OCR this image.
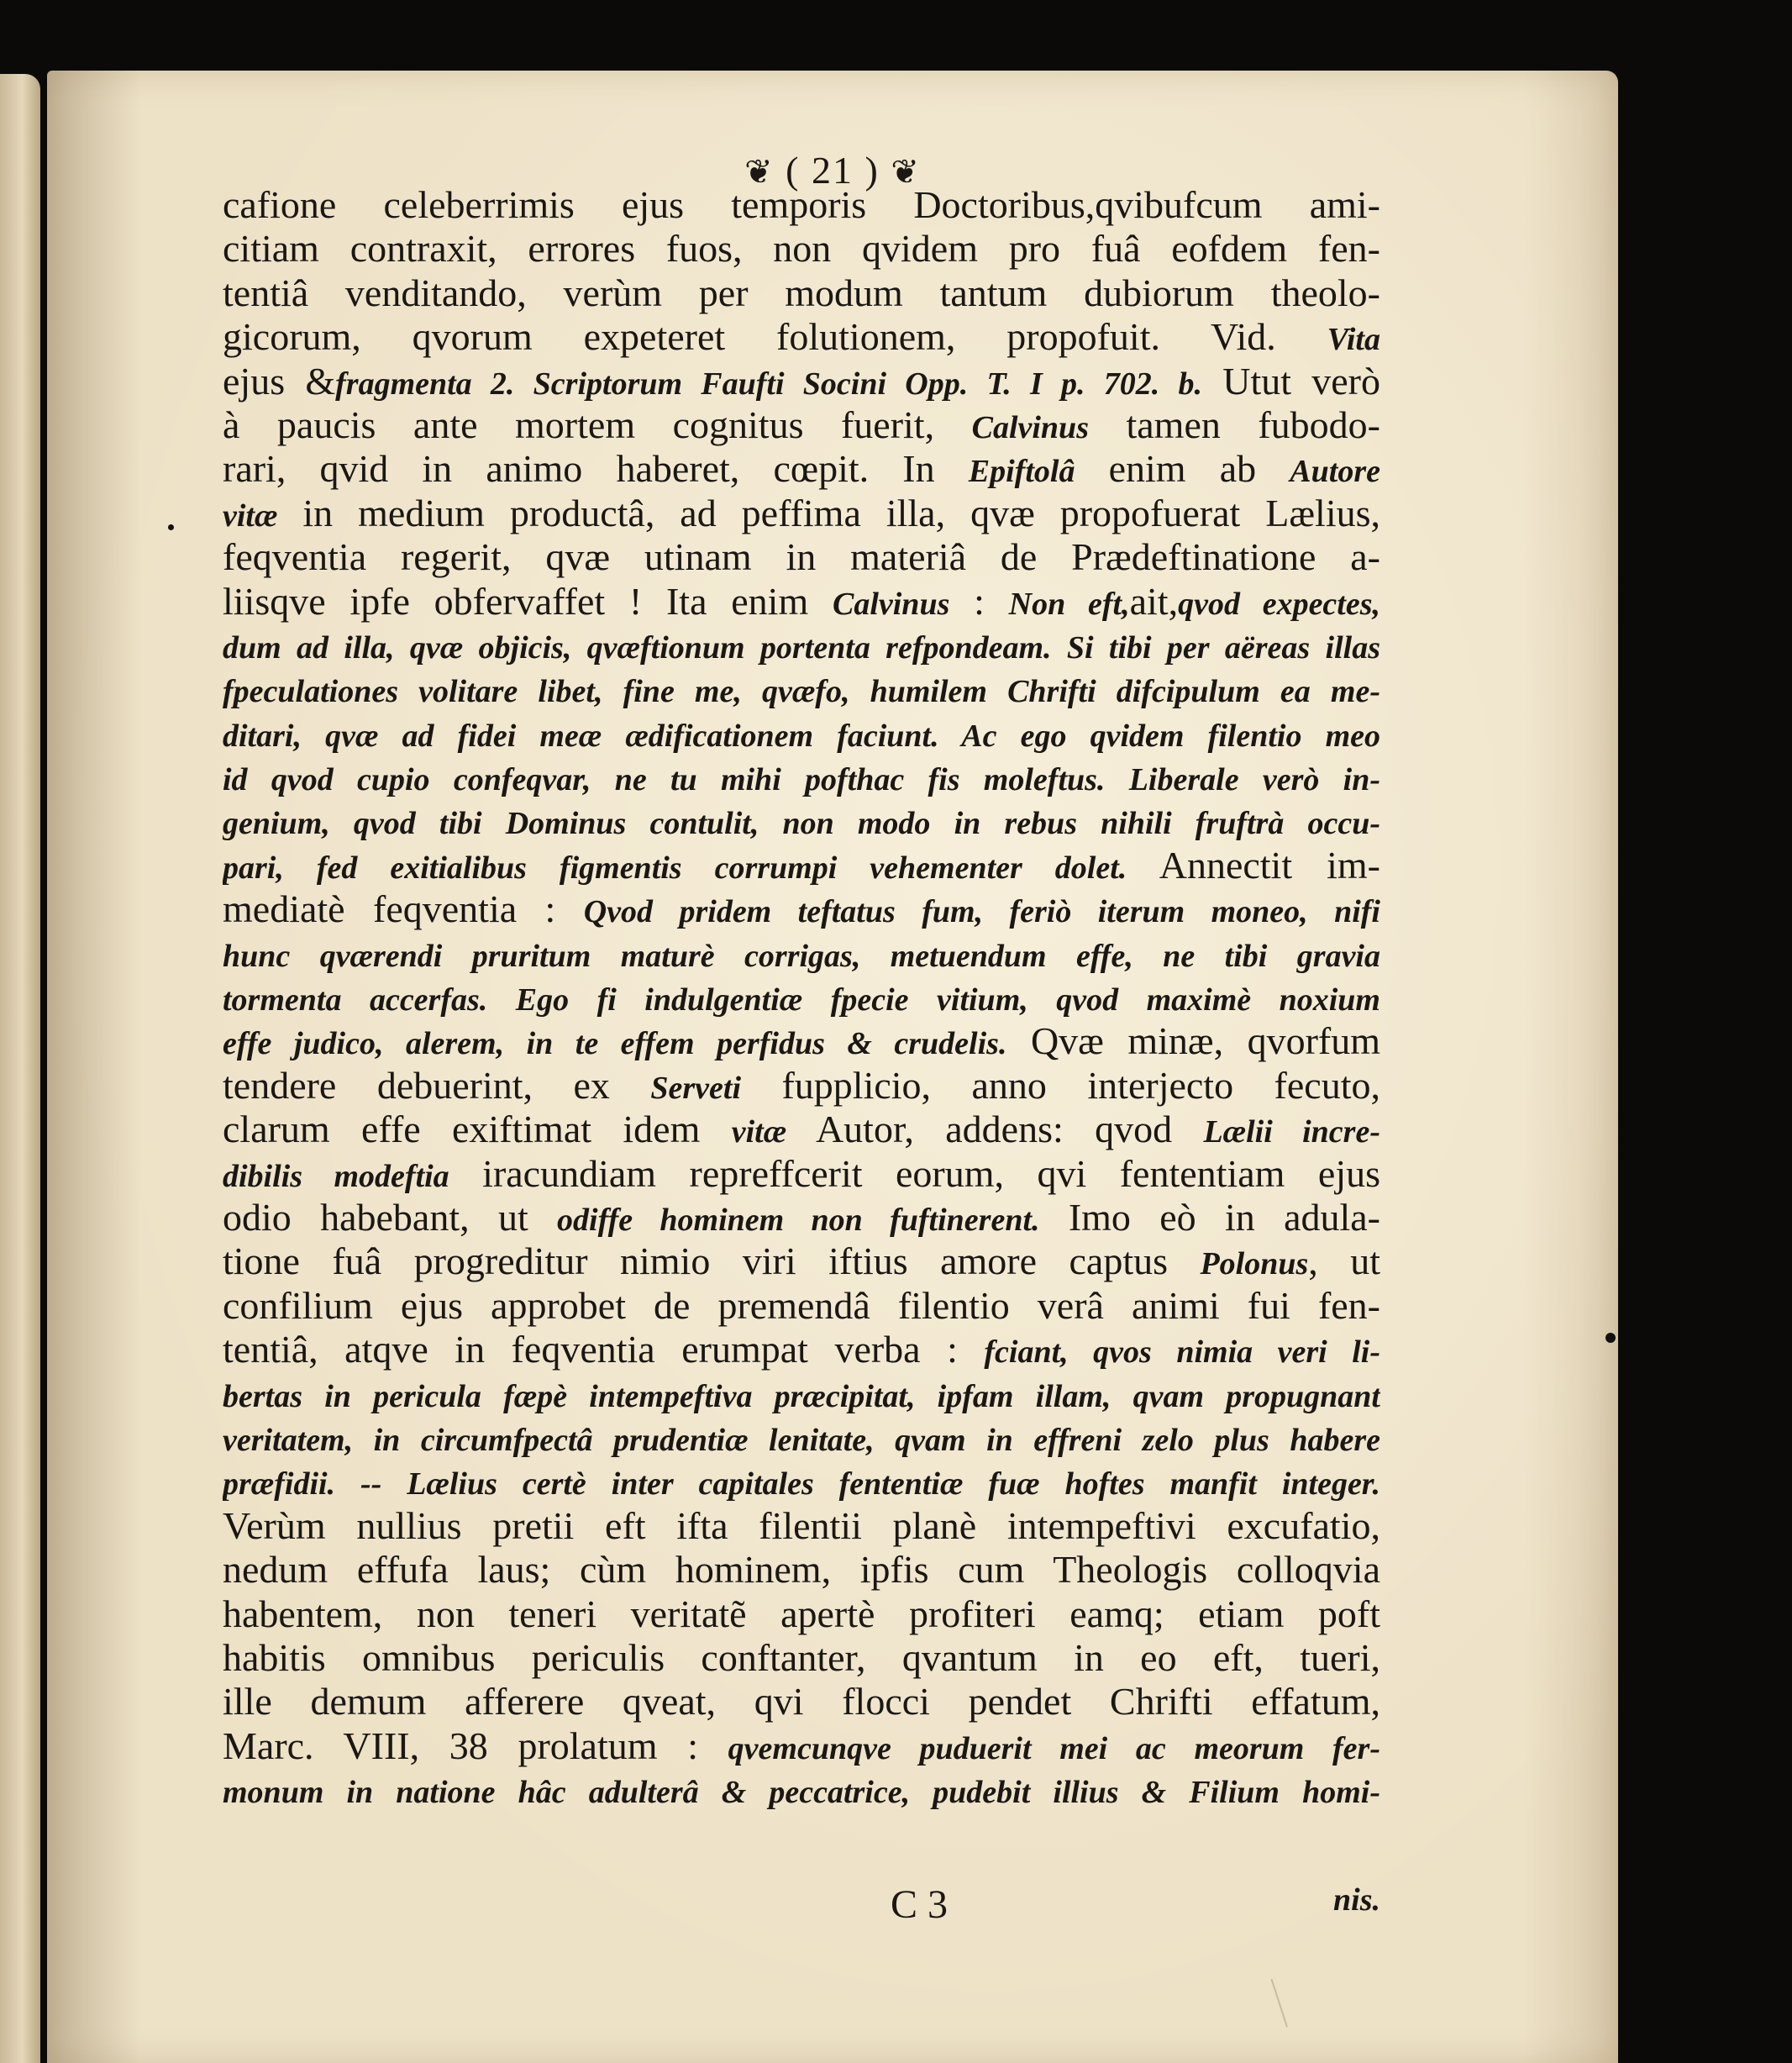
❦ ( 21 ) ❦
cafione celeberrimis ejus temporis Doctoribus,qvibufcum ami-
citiam contraxit, errores fuos, non qvidem pro fuâ eofdem fen-
tentiâ venditando, verùm per modum tantum dubiorum theolo-
gicorum, qvorum expeteret folutionem, propofuit. Vid. Vita
ejus &fragmenta 2. Scriptorum Faufti Socini Opp. T. I p. 702. b. Utut verò
à paucis ante mortem cognitus fuerit, Calvinus tamen fubodo-
rari, qvid in animo haberet, cœpit. In Epiftolâ enim ab Autore
vitæ in medium productâ, ad peffima illa, qvæ propofuerat Lælius,
feqventia regerit, qvæ utinam in materiâ de Prædeftinatione a-
liisqve ipfe obfervaffet ! Ita enim Calvinus : Non eft,ait,qvod expectes,
dum ad illa, qvæ objicis, qvæftionum portenta refpondeam. Si tibi per aëreas illas
fpeculationes volitare libet, fine me, qvæfo, humilem Chrifti difcipulum ea me-
ditari, qvæ ad fidei meæ ædificationem faciunt. Ac ego qvidem filentio meo
id qvod cupio confeqvar, ne tu mihi pofthac fis moleftus. Liberale verò in-
genium, qvod tibi Dominus contulit, non modo in rebus nihili fruftrà occu-
pari, fed exitialibus figmentis corrumpi vehementer dolet. Annectit im-
mediatè feqventia : Qvod pridem teftatus fum, feriò iterum moneo, nifi
hunc qværendi pruritum maturè corrigas, metuendum effe, ne tibi gravia
tormenta accerfas. Ego fi indulgentiæ fpecie vitium, qvod maximè noxium
effe judico, alerem, in te effem perfidus & crudelis. Qvæ minæ, qvorfum
tendere debuerint, ex Serveti fupplicio, anno interjecto fecuto,
clarum effe exiftimat idem vitæ Autor, addens: qvod Lælii incre-
dibilis modeftia iracundiam repreffcerit eorum, qvi fententiam ejus
odio habebant, ut odiffe hominem non fuftinerent. Imo eò in adula-
tione fuâ progreditur nimio viri iftius amore captus Polonus, ut
confilium ejus approbet de premendâ filentio verâ animi fui fen-
tentiâ, atqve in feqventia erumpat verba : fciant, qvos nimia veri li-
bertas in pericula fæpè intempeftiva præcipitat, ipfam illam, qvam propugnant
veritatem, in circumfpectâ prudentiæ lenitate, qvam in effreni zelo plus habere
præfidii. -- Lælius certè inter capitales fententiæ fuæ hoftes manfit integer.
Verùm nullius pretii eft ifta filentii planè intempeftivi excufatio,
nedum effufa laus; cùm hominem, ipfis cum Theologis colloqvia
habentem, non teneri veritatẽ apertè profiteri eamq; etiam poft
habitis omnibus periculis conftanter, qvantum in eo eft, tueri,
ille demum afferere qveat, qvi flocci pendet Chrifti effatum,
Marc. VIII, 38 prolatum : qvemcunqve puduerit mei ac meorum fer-
monum in natione hâc adulterâ & peccatrice, pudebit illius & Filium homi-
C 3	nis.
